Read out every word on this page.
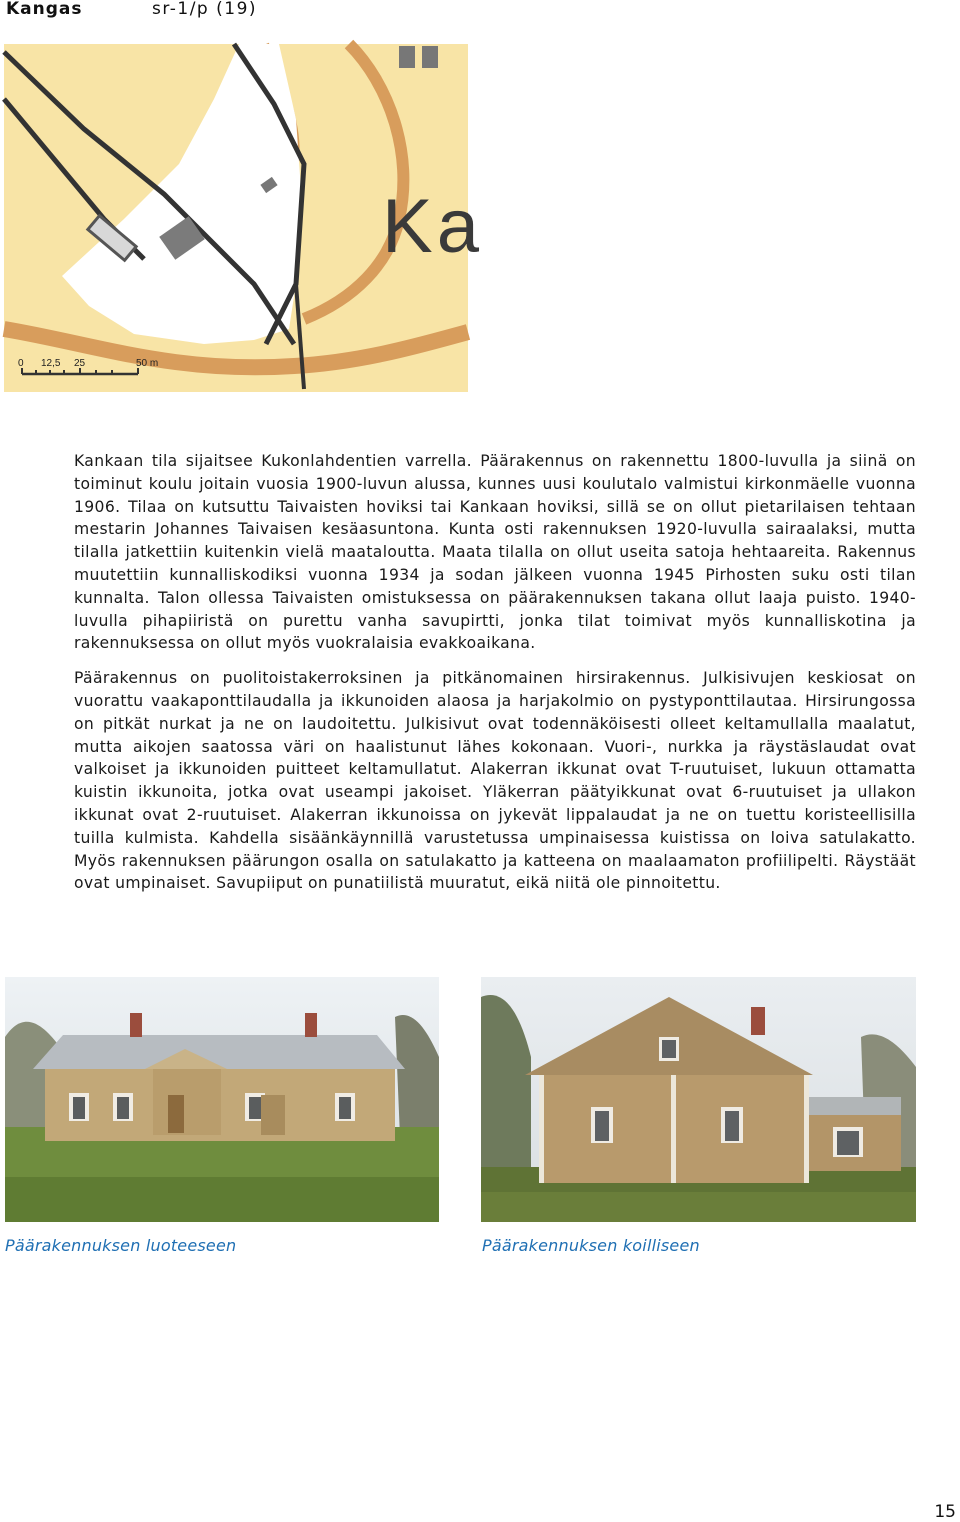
Kangas	sr-1/p (19)
Ka
0 12,5 25	50 m

Kankaan tila sijaitsee Kukonlahdentien varrella. Päärakennus on rakennettu 1800-luvulla ja siinä on toiminut koulu joitain vuosia 1900-luvun alussa, kunnes uusi koulutalo valmistui kirkonmäelle vuonna 1906. Tilaa on kutsuttu Taivaisten hoviksi tai Kankaan hoviksi, sillä se on ollut pietarilaisen tehtaan mestarin Johannes Taivaisen kesäasuntona. Kunta osti rakennuksen 1920-luvulla sairaalaksi, mutta tilalla jatkettiin kuitenkin vielä maataloutta. Maata tilalla on ollut useita satoja hehtaareita. Rakennus muutettiin kunnalliskodiksi vuonna 1934 ja sodan jälkeen vuonna 1945 Pirhosten suku osti tilan kunnalta. Talon ollessa Taivaisten omistuksessa on päärakennuksen takana ollut laaja puisto. 1940-luvulla pihapiiristä on purettu vanha savupirtti, jonka tilat toimivat myös kunnalliskotina ja rakennuksessa on ollut myös vuokralaisia evakkoaikana.

Päärakennus on puolitoistakerroksinen ja pitkänomainen hirsirakennus. Julkisivujen keskiosat on vuorattu vaakaponttilaudalla ja ikkunoiden alaosa ja harjakolmio on pystyponttilautaa. Hirsirungossa on pitkät nurkat ja ne on laudoitettu. Julkisivut ovat todennäköisesti olleet keltamullalla maalatut, mutta aikojen saatossa väri on haalistunut lähes kokonaan. Vuori-, nurkka ja räystäslaudat ovat valkoiset ja ikkunoiden puitteet keltamullatut. Alakerran ikkunat ovat T-ruutuiset, lukuun ottamatta kuistin ikkunoita, jotka ovat useampi jakoiset. Yläkerran päätyikkunat ovat 6-ruutuiset ja ullakon ikkunat ovat 2-ruutuiset. Alakerran ikkunoissa on jykevät lippalaudat ja ne on tuettu koristeellisilla tuilla kulmista. Kahdella sisäänkäynnillä varustetussa umpinaisessa kuistissa on loiva satulakatto. Myös rakennuksen päärungon osalla on satulakatto ja katteena on maalaamaton profiilipelti. Räystäät ovat umpinaiset. Savupiiput on punatiilistä muuratut, eikä niitä ole pinnoitettu.

Päärakennuksen luoteeseen	Päärakennuksen koilliseen
15
